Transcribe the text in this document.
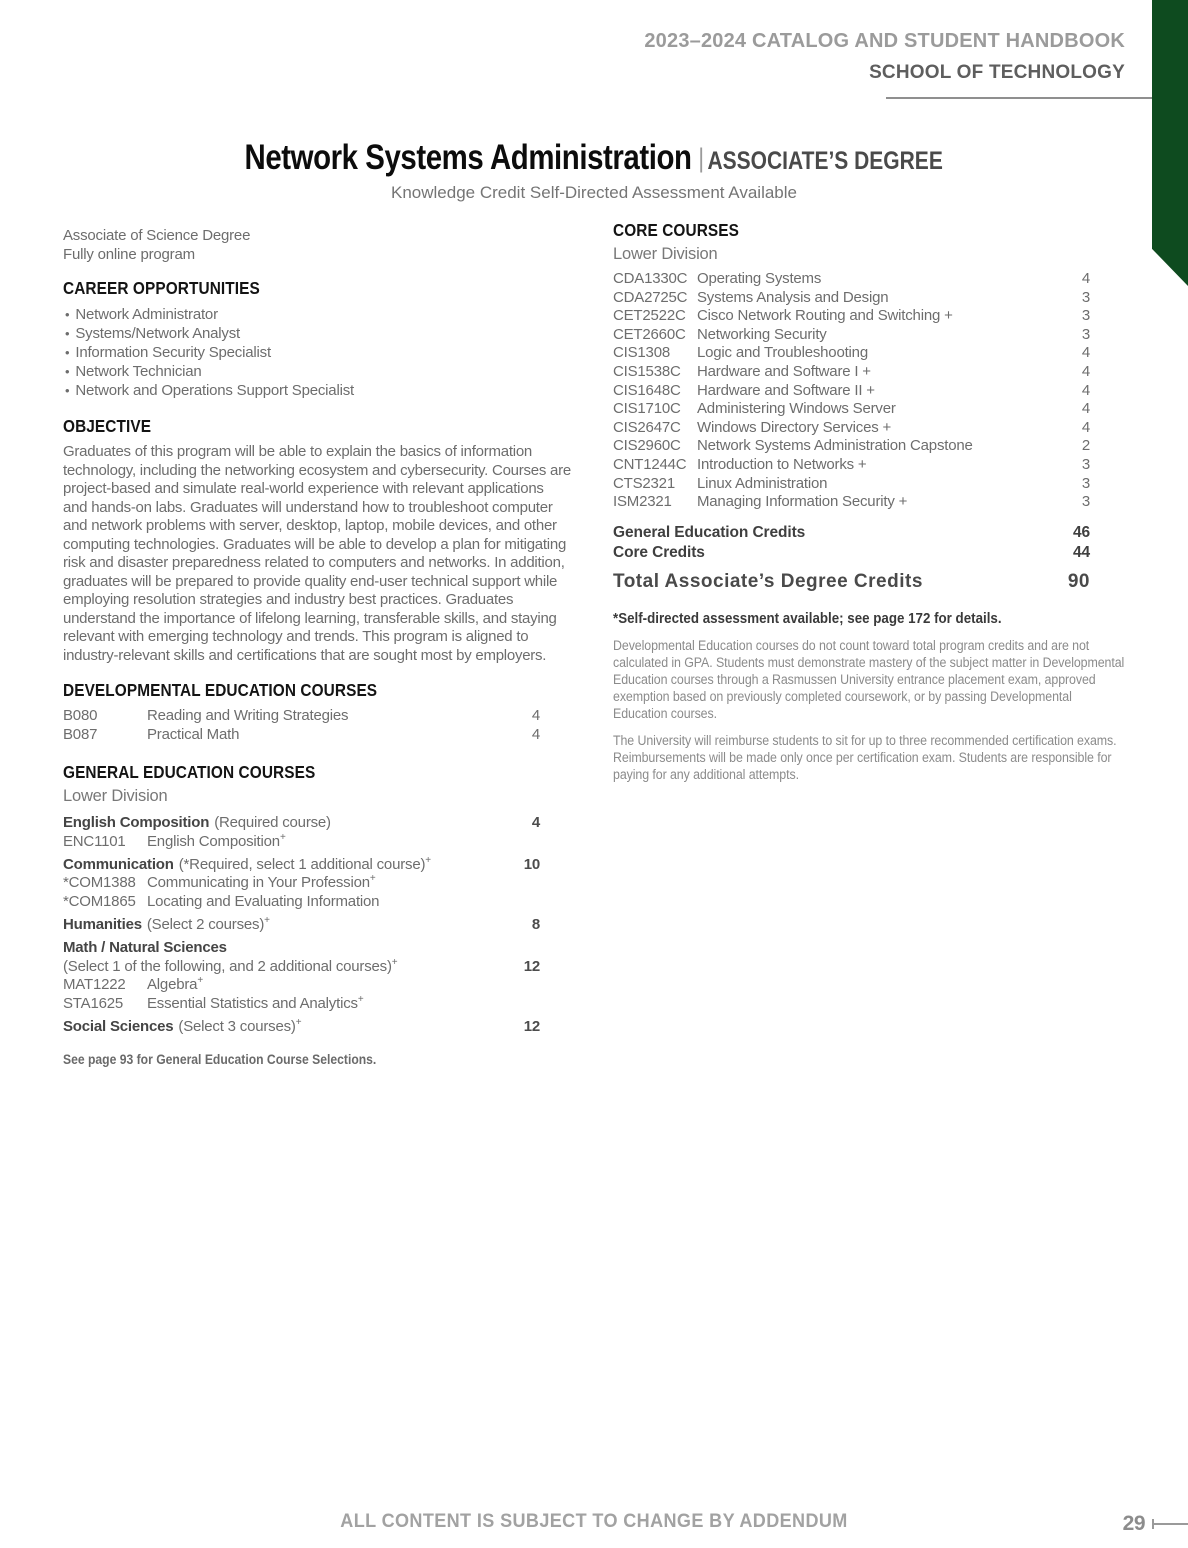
2023–2024 CATALOG AND STUDENT HANDBOOK
SCHOOL OF TECHNOLOGY
Network Systems Administration | ASSOCIATE’S DEGREE
Knowledge Credit Self-Directed Assessment Available
Associate of Science Degree
Fully online program
CAREER OPPORTUNITIES
• Network Administrator
• Systems/Network Analyst
• Information Security Specialist
• Network Technician
• Network and Operations Support Specialist
OBJECTIVE
Graduates of this program will be able to explain the basics of information technology, including the networking ecosystem and cybersecurity. Courses are project-based and simulate real-world experience with relevant applications and hands-on labs. Graduates will understand how to troubleshoot computer and network problems with server, desktop, laptop, mobile devices, and other computing technologies. Graduates will be able to develop a plan for mitigating risk and disaster preparedness related to computers and networks. In addition, graduates will be prepared to provide quality end-user technical support while employing resolution strategies and industry best practices. Graduates understand the importance of lifelong learning, transferable skills, and staying relevant with emerging technology and trends. This program is aligned to industry-relevant skills and certifications that are sought most by employers.
DEVELOPMENTAL EDUCATION COURSES
B080	Reading and Writing Strategies	4
B087	Practical Math	4
GENERAL EDUCATION COURSES
Lower Division
English Composition (Required course)	4
ENC1101	English Composition+
Communication (*Required, select 1 additional course)+	10
*COM1388 Communicating in Your Profession+
*COM1865 Locating and Evaluating Information
Humanities (Select 2 courses)+	8
Math / Natural Sciences
(Select 1 of the following, and 2 additional courses)+	12
MAT1222	Algebra+
STA1625	Essential Statistics and Analytics+
Social Sciences (Select 3 courses)+	12
See page 93 for General Education Course Selections.
CORE COURSES
Lower Division
CDA1330C Operating Systems	4
CDA2725C Systems Analysis and Design	3
CET2522C Cisco Network Routing and Switching +	3
CET2660C Networking Security	3
CIS1308	Logic and Troubleshooting	4
CIS1538C	Hardware and Software I +	4
CIS1648C	Hardware and Software II +	4
CIS1710C	Administering Windows Server	4
CIS2647C	Windows Directory Services +	4
CIS2960C	Network Systems Administration Capstone	2
CNT1244C Introduction to Networks +	3
CTS2321	Linux Administration	3
ISM2321	Managing Information Security +	3
General Education Credits	46
Core Credits	44
Total Associate’s Degree Credits	90
*Self-directed assessment available; see page 172 for details.
Developmental Education courses do not count toward total program credits and are not calculated in GPA. Students must demonstrate mastery of the subject matter in Developmental Education courses through a Rasmussen University entrance placement exam, approved exemption based on previously completed coursework, or by passing Developmental Education courses.
The University will reimburse students to sit for up to three recommended certification exams. Reimbursements will be made only once per certification exam. Students are responsible for paying for any additional attempts.
ALL CONTENT IS SUBJECT TO CHANGE BY ADDENDUM	29
